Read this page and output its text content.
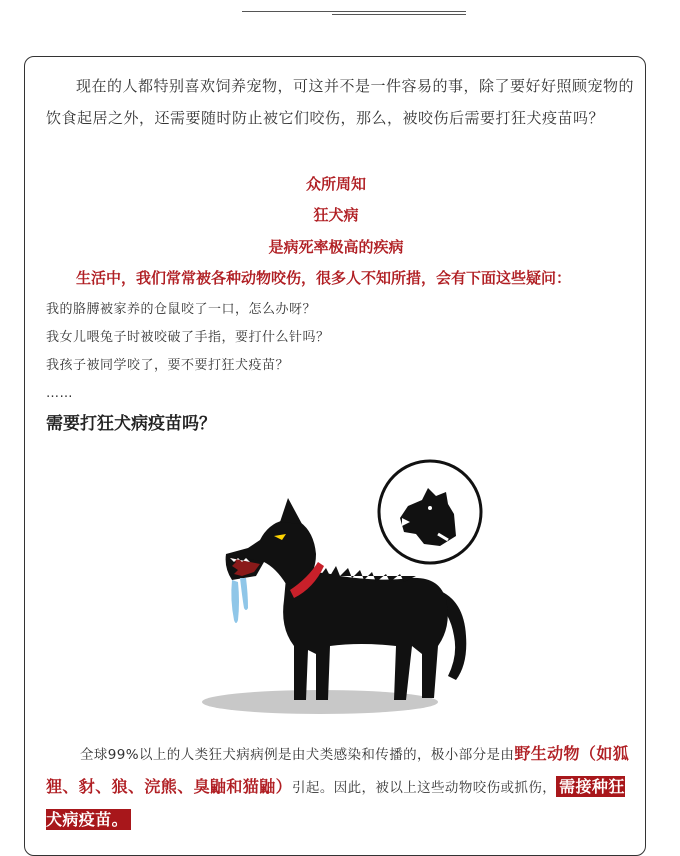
现在的人都特别喜欢饲养宠物，可这并不是一件容易的事，除了要好好照顾宠物的饮食起居之外，还需要随时防止被它们咬伤，那么，被咬伤后需要打狂犬疫苗吗？

众所周知

狂犬病

是病死率极高的疾病

生活中，我们常常被各种动物咬伤，很多人不知所措，会有下面这些疑问：

我的胳膊被家养的仓鼠咬了一口，怎么办呀？

我女儿喂兔子时被咬破了手指，要打什么针吗？

我孩子被同学咬了，要不要打狂犬疫苗？

……

需要打狂犬病疫苗吗？

全球99%以上的人类狂犬病病例是由犬类感染和传播的，极小部分是由野生动物（如狐狸、豺、狼、浣熊、臭鼬和猫鼬）引起。因此，被以上这些动物咬伤或抓伤， 需接种狂犬病疫苗。
